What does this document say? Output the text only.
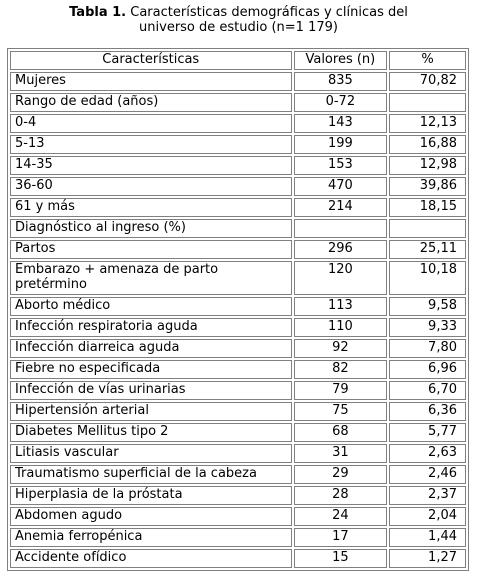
Tabla 1. Características demográficas y clínicas del
universo de estudio (n=1 179)
Características	Valores (n)	%
Mujeres	835	70,82
Rango de edad (años)	0-72	
0-4	143	12,13
5-13	199	16,88
14-35	153	12,98
36-60	470	39,86
61 y más	214	18,15
Diagnóstico al ingreso (%)		
Partos	296	25,11
Embarazo + amenaza de parto pretérmino	120	10,18
Aborto médico	113	9,58
Infección respiratoria aguda	110	9,33
Infección diarreica aguda	92	7,80
Fiebre no especificada	82	6,96
Infección de vías urinarias	79	6,70
Hipertensión arterial	75	6,36
Diabetes Mellitus tipo 2	68	5,77
Litiasis vascular	31	2,63
Traumatismo superficial de la cabeza	29	2,46
Hiperplasia de la próstata	28	2,37
Abdomen agudo	24	2,04
Anemia ferropénica	17	1,44
Accidente ofídico	15	1,27
